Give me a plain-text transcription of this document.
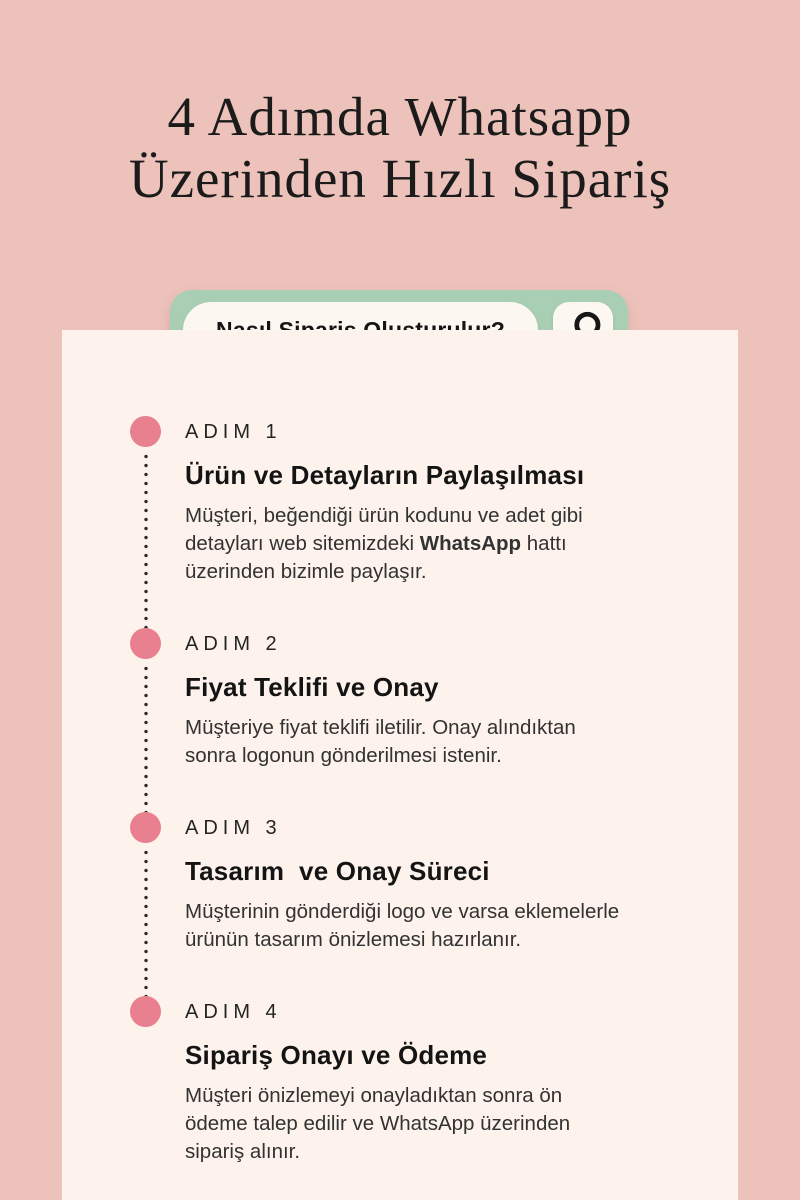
4 Adımda Whatsapp
Üzerinden Hızlı Sipariş
ADIM 1
Ürün ve Detayların Paylaşılması

Müşteri, beğendiği ürün kodunu ve adet gibi
detayları web sitemizdeki WhatsApp hattı
üzerinden bizimle paylaşır.

ADIM 2
Fiyat Teklifi ve Onay

Müşteriye fiyat teklifi iletilir. Onay alındıktan
sonra logonun gönderilmesi istenir.

ADIM 3
Tasarım  ve Onay Süreci

Müşterinin gönderdiği logo ve varsa eklemelerle
ürünün tasarım önizlemesi hazırlanır.

ADIM 4
Sipariş Onayı ve Ödeme

Müşteri önizlemeyi onayladıktan sonra ön
ödeme talep edilir ve WhatsApp üzerinden
sipariş alınır.
